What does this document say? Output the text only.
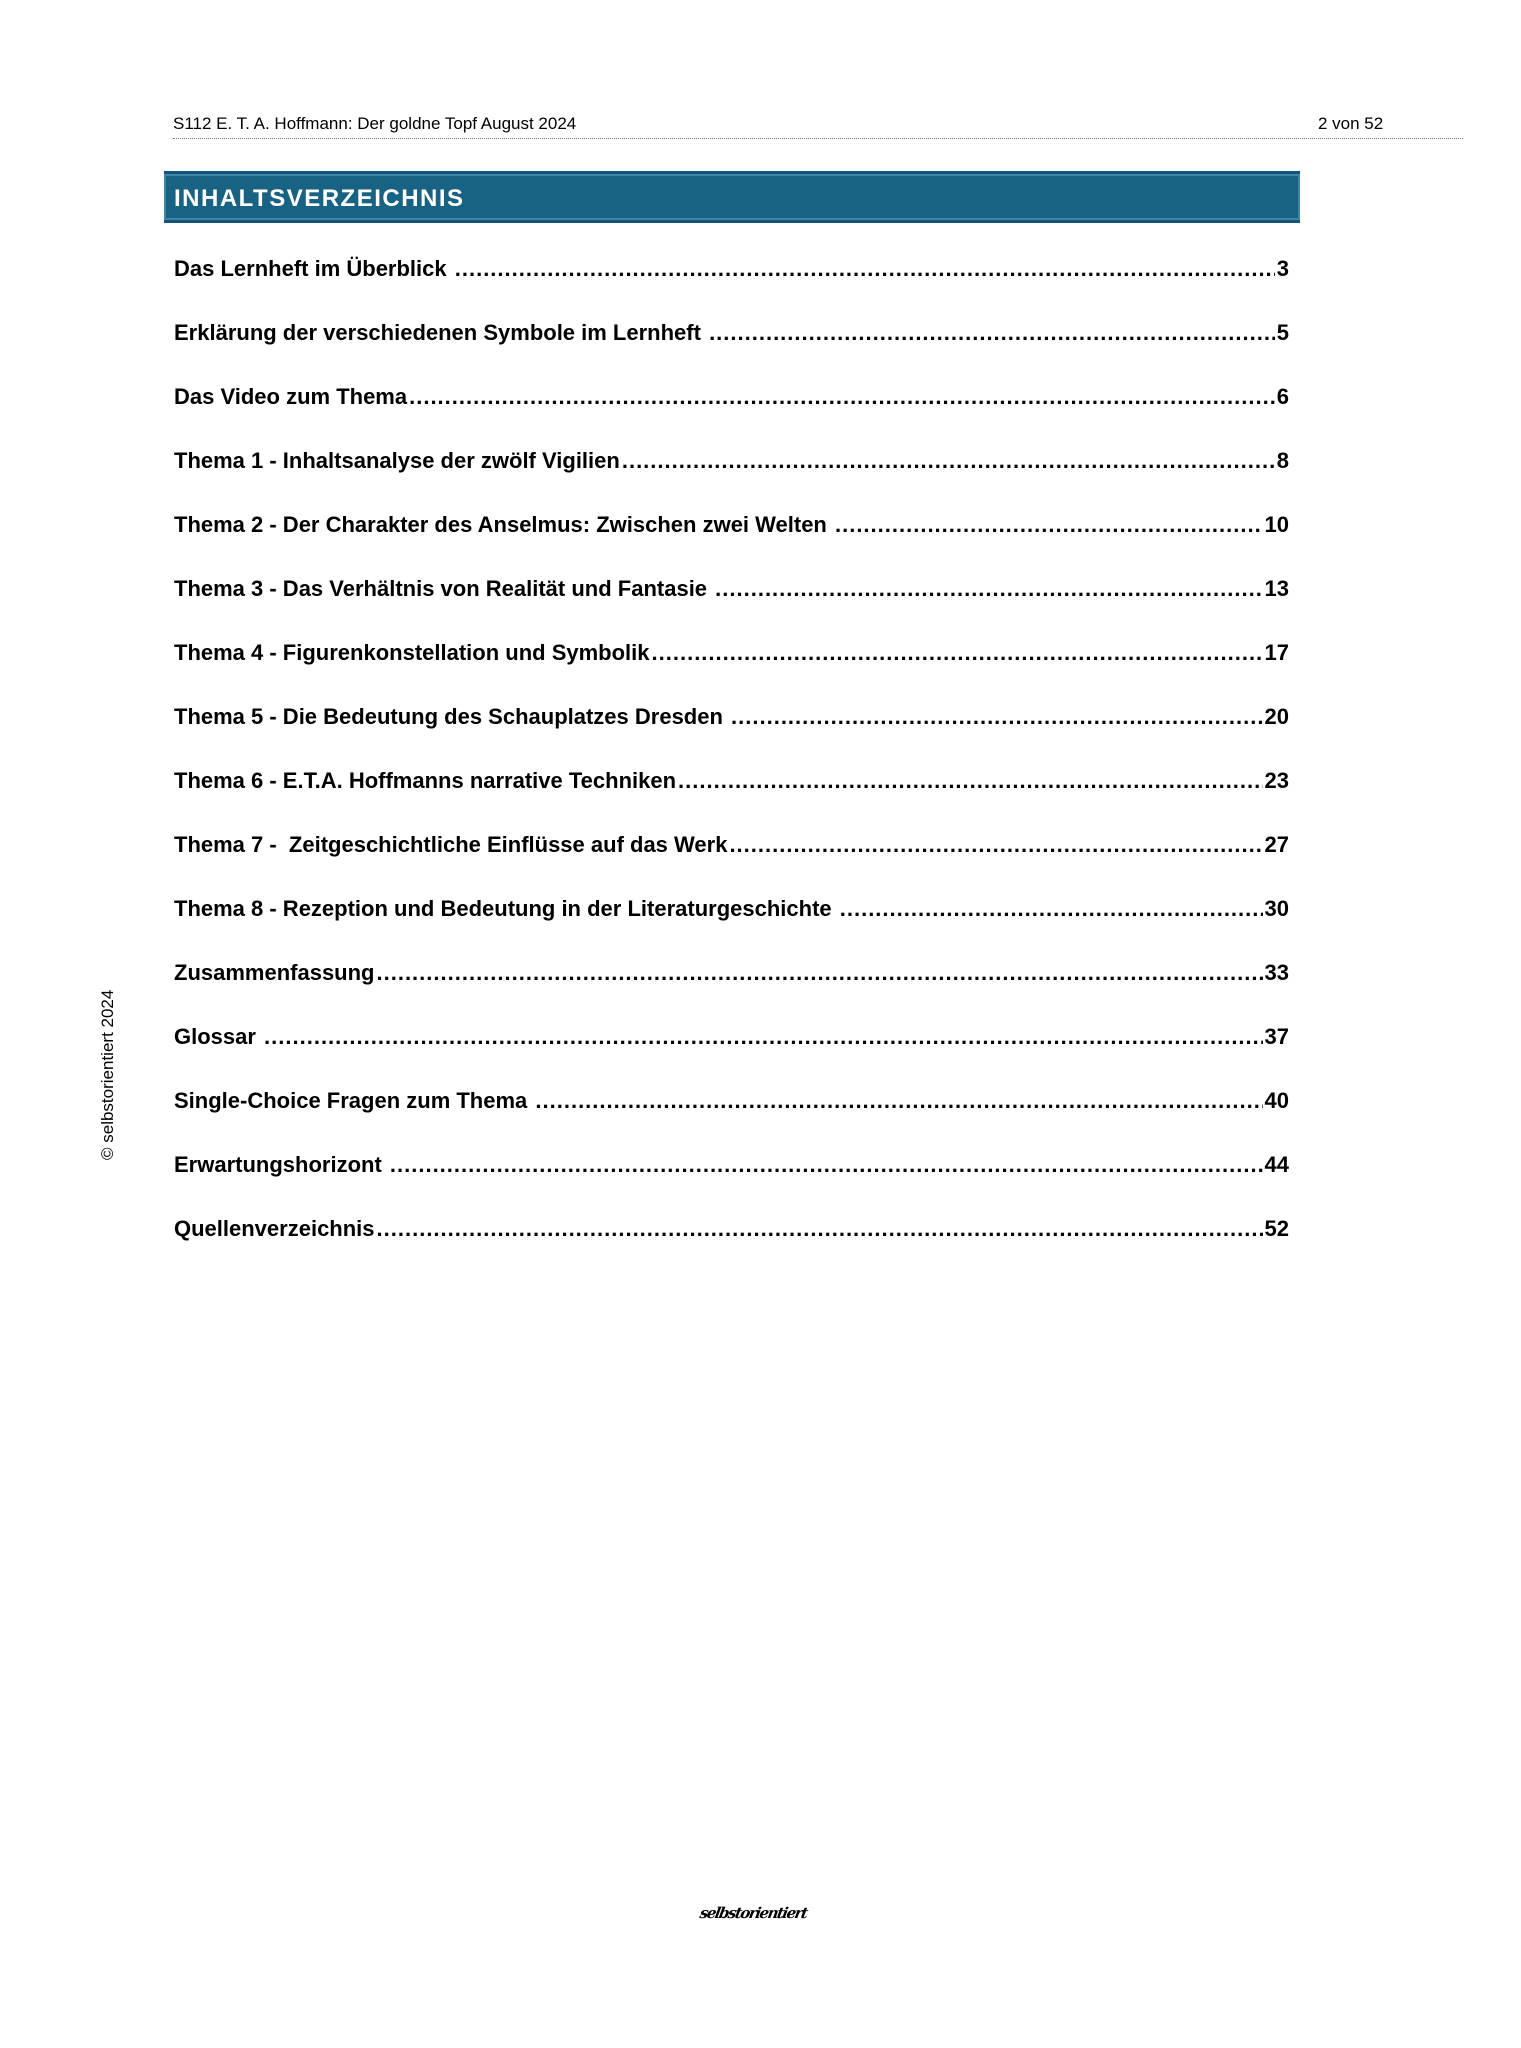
S112 E. T. A. Hoffmann: Der goldne Topf August 2024	2 von 52
INHALTSVERZEICHNIS
Das Lernheft im Überblick .....	3
Erklärung der verschiedenen Symbole im Lernheft .....	5
Das Video zum Thema .....	6
Thema 1 - Inhaltsanalyse der zwölf Vigilien .....	8
Thema 2 - Der Charakter des Anselmus: Zwischen zwei Welten .....	10
Thema 3 - Das Verhältnis von Realität und Fantasie .....	13
Thema 4 - Figurenkonstellation und Symbolik .....	17
Thema 5 - Die Bedeutung des Schauplatzes Dresden .....	20
Thema 6 - E.T.A. Hoffmanns narrative Techniken .....	23
Thema 7 -  Zeitgeschichtliche Einflüsse auf das Werk .....	27
Thema 8 - Rezeption und Bedeutung in der Literaturgeschichte .....	30
Zusammenfassung .....	33
Glossar .....	37
Single-Choice Fragen zum Thema .....	40
Erwartungshorizont .....	44
Quellenverzeichnis .....	52
© selbstorientiert 2024
selbstorientiert
